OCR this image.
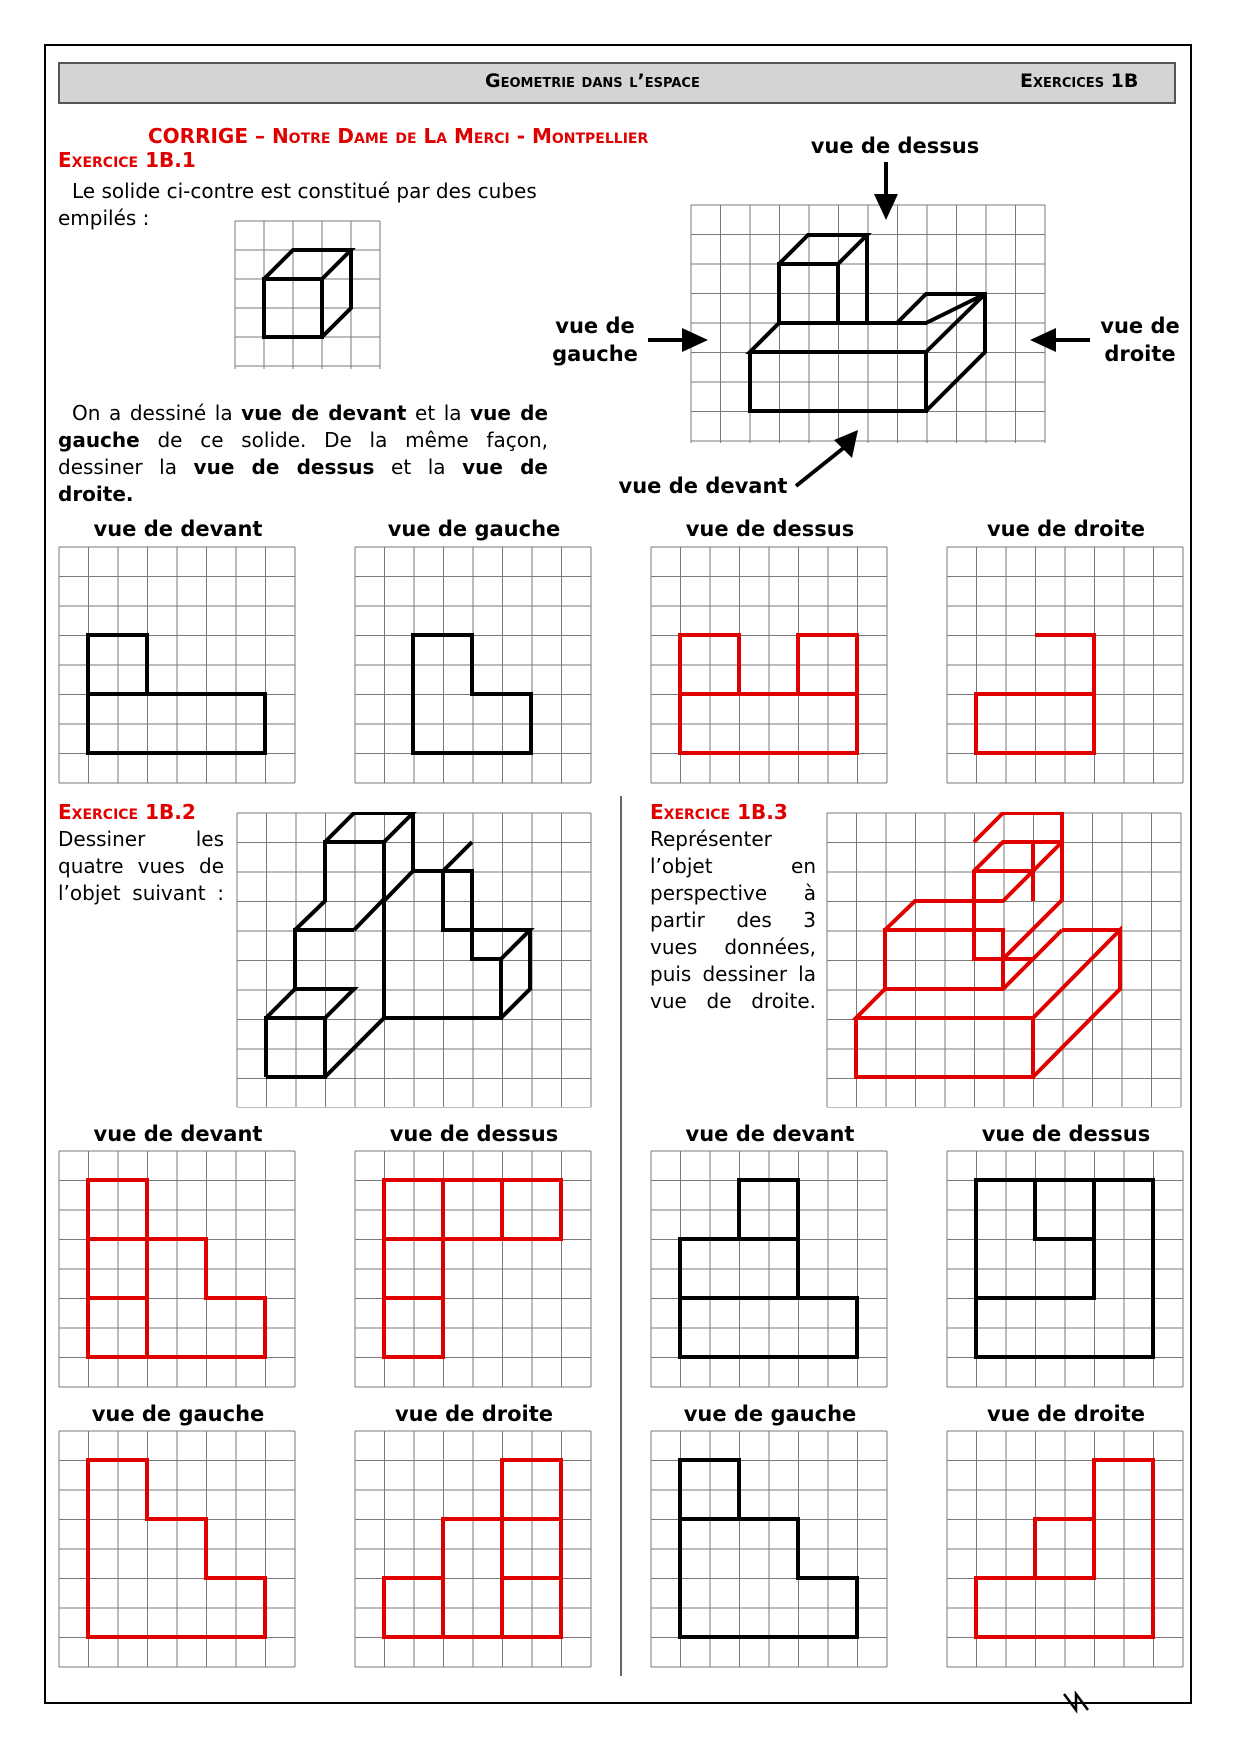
Geometrie dans l’espace	Exercices 1B
CORRIGE – Notre Dame de La Merci - Montpellier
Exercice 1B.1
Le solide ci-contre est constitué par des cubes empilés :
On a dessiné la vue de devant et la vue de gauche de ce solide. De la même façon, dessiner la vue de dessus et la vue de droite.
vue de dessus
vue de gauche
vue de droite
vue de devant
vue de devant	vue de gauche	vue de dessus	vue de droite
Exercice 1B.2
Dessiner les quatre vues de l’objet suivant :
vue de devant	vue de dessus
vue de gauche	vue de droite
Exercice 1B.3
Représenter l’objet en perspective à partir des 3 vues données, puis dessiner la vue de droite.
vue de devant	vue de dessus
vue de gauche	vue de droite
